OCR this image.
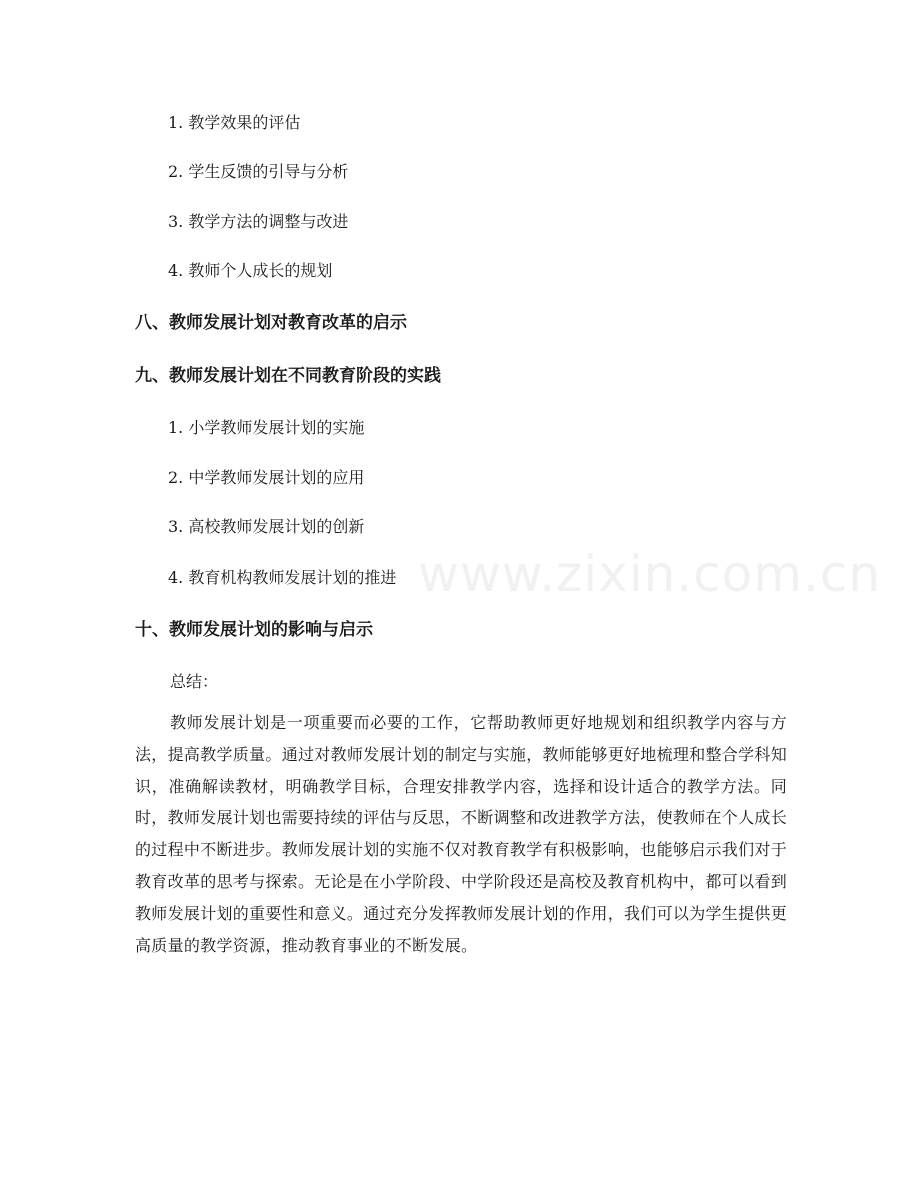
www.zixin.com.cn
1. 教学效果的评估
2. 学生反馈的引导与分析
3. 教学方法的调整与改进
4. 教师个人成长的规划
八、教师发展计划对教育改革的启示
九、教师发展计划在不同教育阶段的实践
1. 小学教师发展计划的实施
2. 中学教师发展计划的应用
3. 高校教师发展计划的创新
4. 教育机构教师发展计划的推进
十、教师发展计划的影响与启示
总结：
教师发展计划是一项重要而必要的工作，它帮助教师更好地规划和组织教学内容与方法，提高教学质量。通过对教师发展计划的制定与实施，教师能够更好地梳理和整合学科知识，准确解读教材，明确教学目标，合理安排教学内容，选择和设计适合的教学方法。同时，教师发展计划也需要持续的评估与反思，不断调整和改进教学方法，使教师在个人成长的过程中不断进步。教师发展计划的实施不仅对教育教学有积极影响，也能够启示我们对于教育改革的思考与探索。无论是在小学阶段、中学阶段还是高校及教育机构中，都可以看到教师发展计划的重要性和意义。通过充分发挥教师发展计划的作用，我们可以为学生提供更高质量的教学资源，推动教育事业的不断发展。
